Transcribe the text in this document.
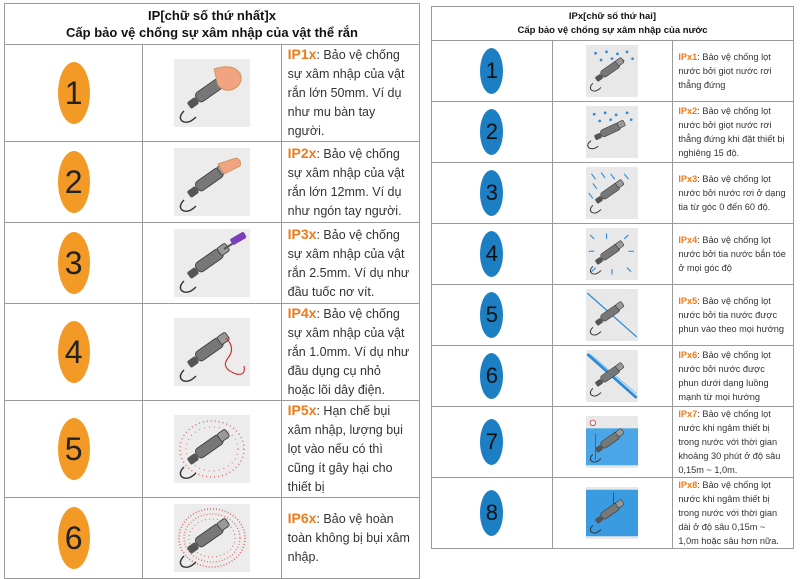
IP[chữ số thứ nhất]x
Cấp bảo vệ chống sự xâm nhập của vật thể rắn		

1		IP1x: Bảo vệ chống sự xâm nhập của vật rắn lớn 50mm. Ví dụ như mu bàn tay người.

2		IP2x: Bảo vệ chống sự xâm nhập của vật rắn lớn 12mm. Ví dụ như ngón tay người.

3		IP3x: Bảo vệ chống sự xâm nhập của vật rắn 2.5mm. Ví dụ như đầu tuốc nơ vít.

4		IP4x: Bảo vệ chống sự xâm nhập của vật rắn 1.0mm. Ví dụ như đầu dụng cụ nhỏ hoặc lõi dây điện.

5		IP5x: Hạn chế bụi xâm nhập, lượng bụi lọt vào nếu có thì cũng ít gây hại cho thiết bị

6		IP6x: Bảo vệ hoàn toàn không bị bụi xâm nhập.
IPx[chữ số thứ hai]
Cấp bảo vệ chống sự xâm nhập của nước		

1		IPx1: Bảo vệ chống lọt nước bởi giọt nước rơi thẳng đứng

2		IPx2: Bảo vệ chống lọt nước bởi giọt nước rơi thẳng đứng khi đặt thiết bị nghiêng 15 độ.

3		IPx3: Bảo vệ chống lọt nước bởi nước rơi ở dạng tia từ góc 0 đến 60 độ.

4		IPx4: Bảo vệ chống lọt nước bởi tia nước bắn tóe ở mọi góc độ

5		IPx5: Bảo vệ chống lọt nước bởi tia nước được phun vào theo mọi hướng

6		IPx6: Bảo vệ chống lọt nước bởi nước được phun dưới dạng luồng mạnh từ mọi hướng

7		IPx7: Bảo vệ chống lọt nước khi ngâm thiết bị trong nước với thời gian khoảng 30 phút ở độ sâu 0,15m ~ 1,0m.

8		IPx8: Bảo vệ chống lọt nước khi ngâm thiết bị trong nước với thời gian dài ở độ sâu 0,15m ~ 1,0m hoặc sâu hơn nữa.
